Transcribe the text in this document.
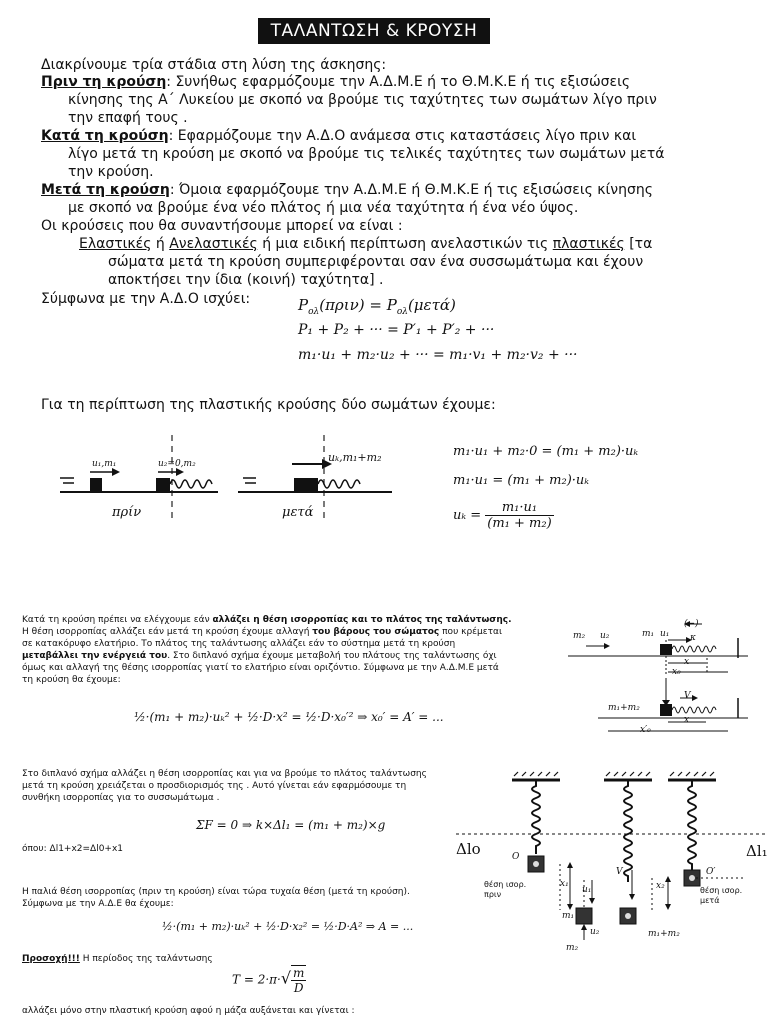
ΤΑΛΑΝΤΩΣΗ & ΚΡΟΥΣΗ
Διακρίνουμε τρία στάδια στη λύση της άσκησης:
Πριν τη κρούση: Συνήθως εφαρμόζουμε την Α.Δ.Μ.Ε ή το Θ.Μ.Κ.Ε ή τις εξισώσεις
κίνησης της Α΄ Λυκείου με σκοπό να βρούμε τις ταχύτητες των σωμάτων λίγο πριν
την επαφή τους .
Κατά τη κρούση: Εφαρμόζουμε την Α.Δ.Ο ανάμεσα στις καταστάσεις λίγο πριν και
λίγο μετά τη κρούση με σκοπό να βρούμε τις τελικές ταχύτητες των σωμάτων μετά
την κρούση.
Μετά τη κρούση: Όμοια εφαρμόζουμε την Α.Δ.Μ.Ε ή Θ.Μ.Κ.Ε ή τις εξισώσεις κίνησης
με σκοπό να βρούμε ένα νέο πλάτος ή μια νέα ταχύτητα ή ένα νέο ύψος.
Οι κρούσεις που θα συναντήσουμε μπορεί να είναι :
Ελαστικές ή Ανελαστικές ή μια ειδική περίπτωση ανελαστικών τις πλαστικές [τα
σώματα μετά τη κρούση συμπεριφέρονται σαν ένα συσσωμάτωμα και έχουν
αποκτήσει την ίδια (κοινή) ταχύτητα] .
Σύμφωνα με την Α.Δ.Ο ισχύει:	$P_{o\lambda}(\pi\rho\iota\nu) = P_{o\lambda}(\mu\varepsilon\tau ά)$
P₁ + P₂ + ··· = P′₁ + P′₂ + ···
m₁·u₁ + m₂·u₂ + ··· = m₁·v₁ + m₂·v₂ + ···
Για τη περίπτωση της πλαστικής κρούσης δύο σωμάτων έχουμε:
u₁,m₁	u₂=0,m₂	uₖ,m₁+m₂
πρίν	μετά
m₁·u₁ + m₂·0 = (m₁ + m₂)·uₖ
m₁·u₁ = (m₁ + m₂)·uₖ
$u_k = \frac{\text{m₁·u₁}}{\text{(m₁ + m₂)}}$
Κατά τη κρούση πρέπει να ελέγχουμε εάν αλλάζει η θέση ισορροπίας και το πλάτος της ταλάντωσης.
Η θέση ισορροπίας αλλάζει εάν μετά τη κρούση έχουμε αλλαγή του βάρους του σώματος που κρέμεται
σε κατακόρυφο ελατήριο. Το πλάτος της ταλάντωσης αλλάζει εάν το σύστημα μετά τη κρούση
μεταβάλλει την ενέργειά του. Στο διπλανό σχήμα έχουμε μεταβολή του πλάτους της ταλάντωσης όχι
όμως και αλλαγή της θέσης ισορροπίας γιατί το ελατήριο είναι οριζόντιο. Σύμφωνα με την Α.Δ.Μ.Ε μετά
τη κρούση θα έχουμε:
½·(m₁ + m₂)·uₖ² + ½·D·x² = ½·D·x₀′² ⇒ x₀′ = A′ = ...
m₂ u₂	m₁ u₁
(−)
κ
x
x₀
m₁+m₂
V
x
x′₀
Στο διπλανό σχήμα αλλάζει η θέση ισορροπίας και για να βρούμε το πλάτος ταλάντωσης
μετά τη κρούση χρειάζεται ο προσδιορισμός της . Αυτό γίνεται εάν εφαρμόσουμε τη
συνθήκη ισορροπίας για το συσσωμάτωμα .
ΣF = 0 ⇒ k×Δl₁ = (m₁ + m₂)×g
όπου: Δl1+x2=Δl0+x1
Η παλιά θέση ισορροπίας (πριν τη κρούση) είναι τώρα τυχαία θέση (μετά τη κρούση).
Σύμφωνα με την Α.Δ.Ε θα έχουμε:
½·(m₁ + m₂)·uₖ² + ½·D·x₂² = ½·D·A² ⇒ A = ...
Προσοχή!!! Η περίοδος της ταλάντωσης
$T = 2\cdot\pi\cdot√ \frac{m}{D}$
αλλάζει μόνο στην πλαστική κρούση αφού η μάζα αυξάνεται και γίνεται :
Δlo	Δl₁
O
O′
θέση ισορ.
πριν	θέση ισορ.
μετά
x₁	x₂
u₁
u₂
V
m₁
m₂
m₁+m₂
